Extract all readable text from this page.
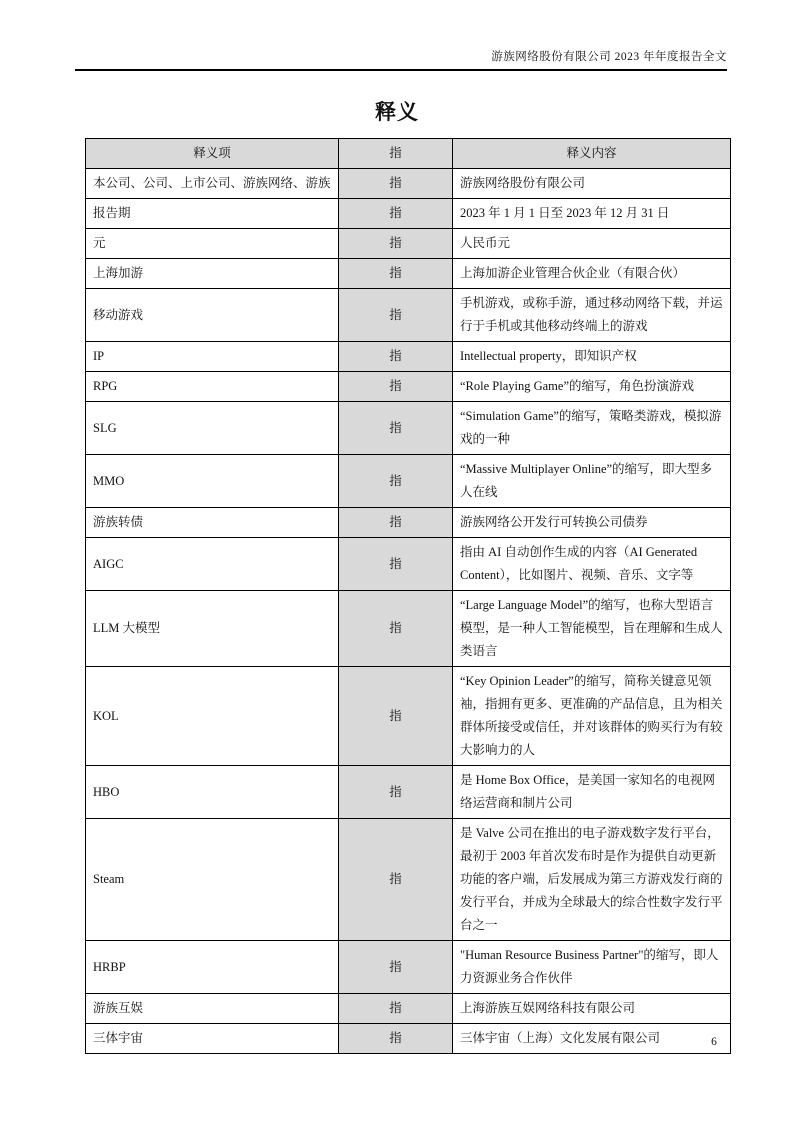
游族网络股份有限公司 2023 年年度报告全文
释义
释义项	指	释义内容
本公司、公司、上市公司、游族网络、游族	指	游族网络股份有限公司
报告期	指	2023 年 1 月 1 日至 2023 年 12 月 31 日
元	指	人民币元
上海加游	指	上海加游企业管理合伙企业（有限合伙）
移动游戏	指	手机游戏，或称手游，通过移动网络下载，并运行于手机或其他移动终端上的游戏
IP	指	Intellectual property，即知识产权
RPG	指	“Role Playing Game”的缩写，角色扮演游戏
SLG	指	“Simulation Game”的缩写，策略类游戏，模拟游戏的一种
MMO	指	“Massive Multiplayer Online”的缩写，即大型多人在线
游族转债	指	游族网络公开发行可转换公司债券
AIGC	指	指由 AI 自动创作生成的内容（AI Generated Content），比如图片、视频、音乐、文字等
LLM 大模型	指	“Large Language Model”的缩写，也称大型语言模型，是一种人工智能模型，旨在理解和生成人类语言
KOL	指	“Key Opinion Leader”的缩写，简称关键意见领袖，指拥有更多、更准确的产品信息，且为相关群体所接受或信任，并对该群体的购买行为有较大影响力的人
HBO	指	是 Home Box Office，是美国一家知名的电视网络运营商和制片公司
Steam	指	是 Valve 公司在推出的电子游戏数字发行平台，最初于 2003 年首次发布时是作为提供自动更新功能的客户端，后发展成为第三方游戏发行商的发行平台，并成为全球最大的综合性数字发行平台之一
HRBP	指	"Human Resource Business Partner"的缩写，即人力资源业务合作伙伴
游族互娱	指	上海游族互娱网络科技有限公司
三体宇宙	指	三体宇宙（上海）文化发展有限公司	6
